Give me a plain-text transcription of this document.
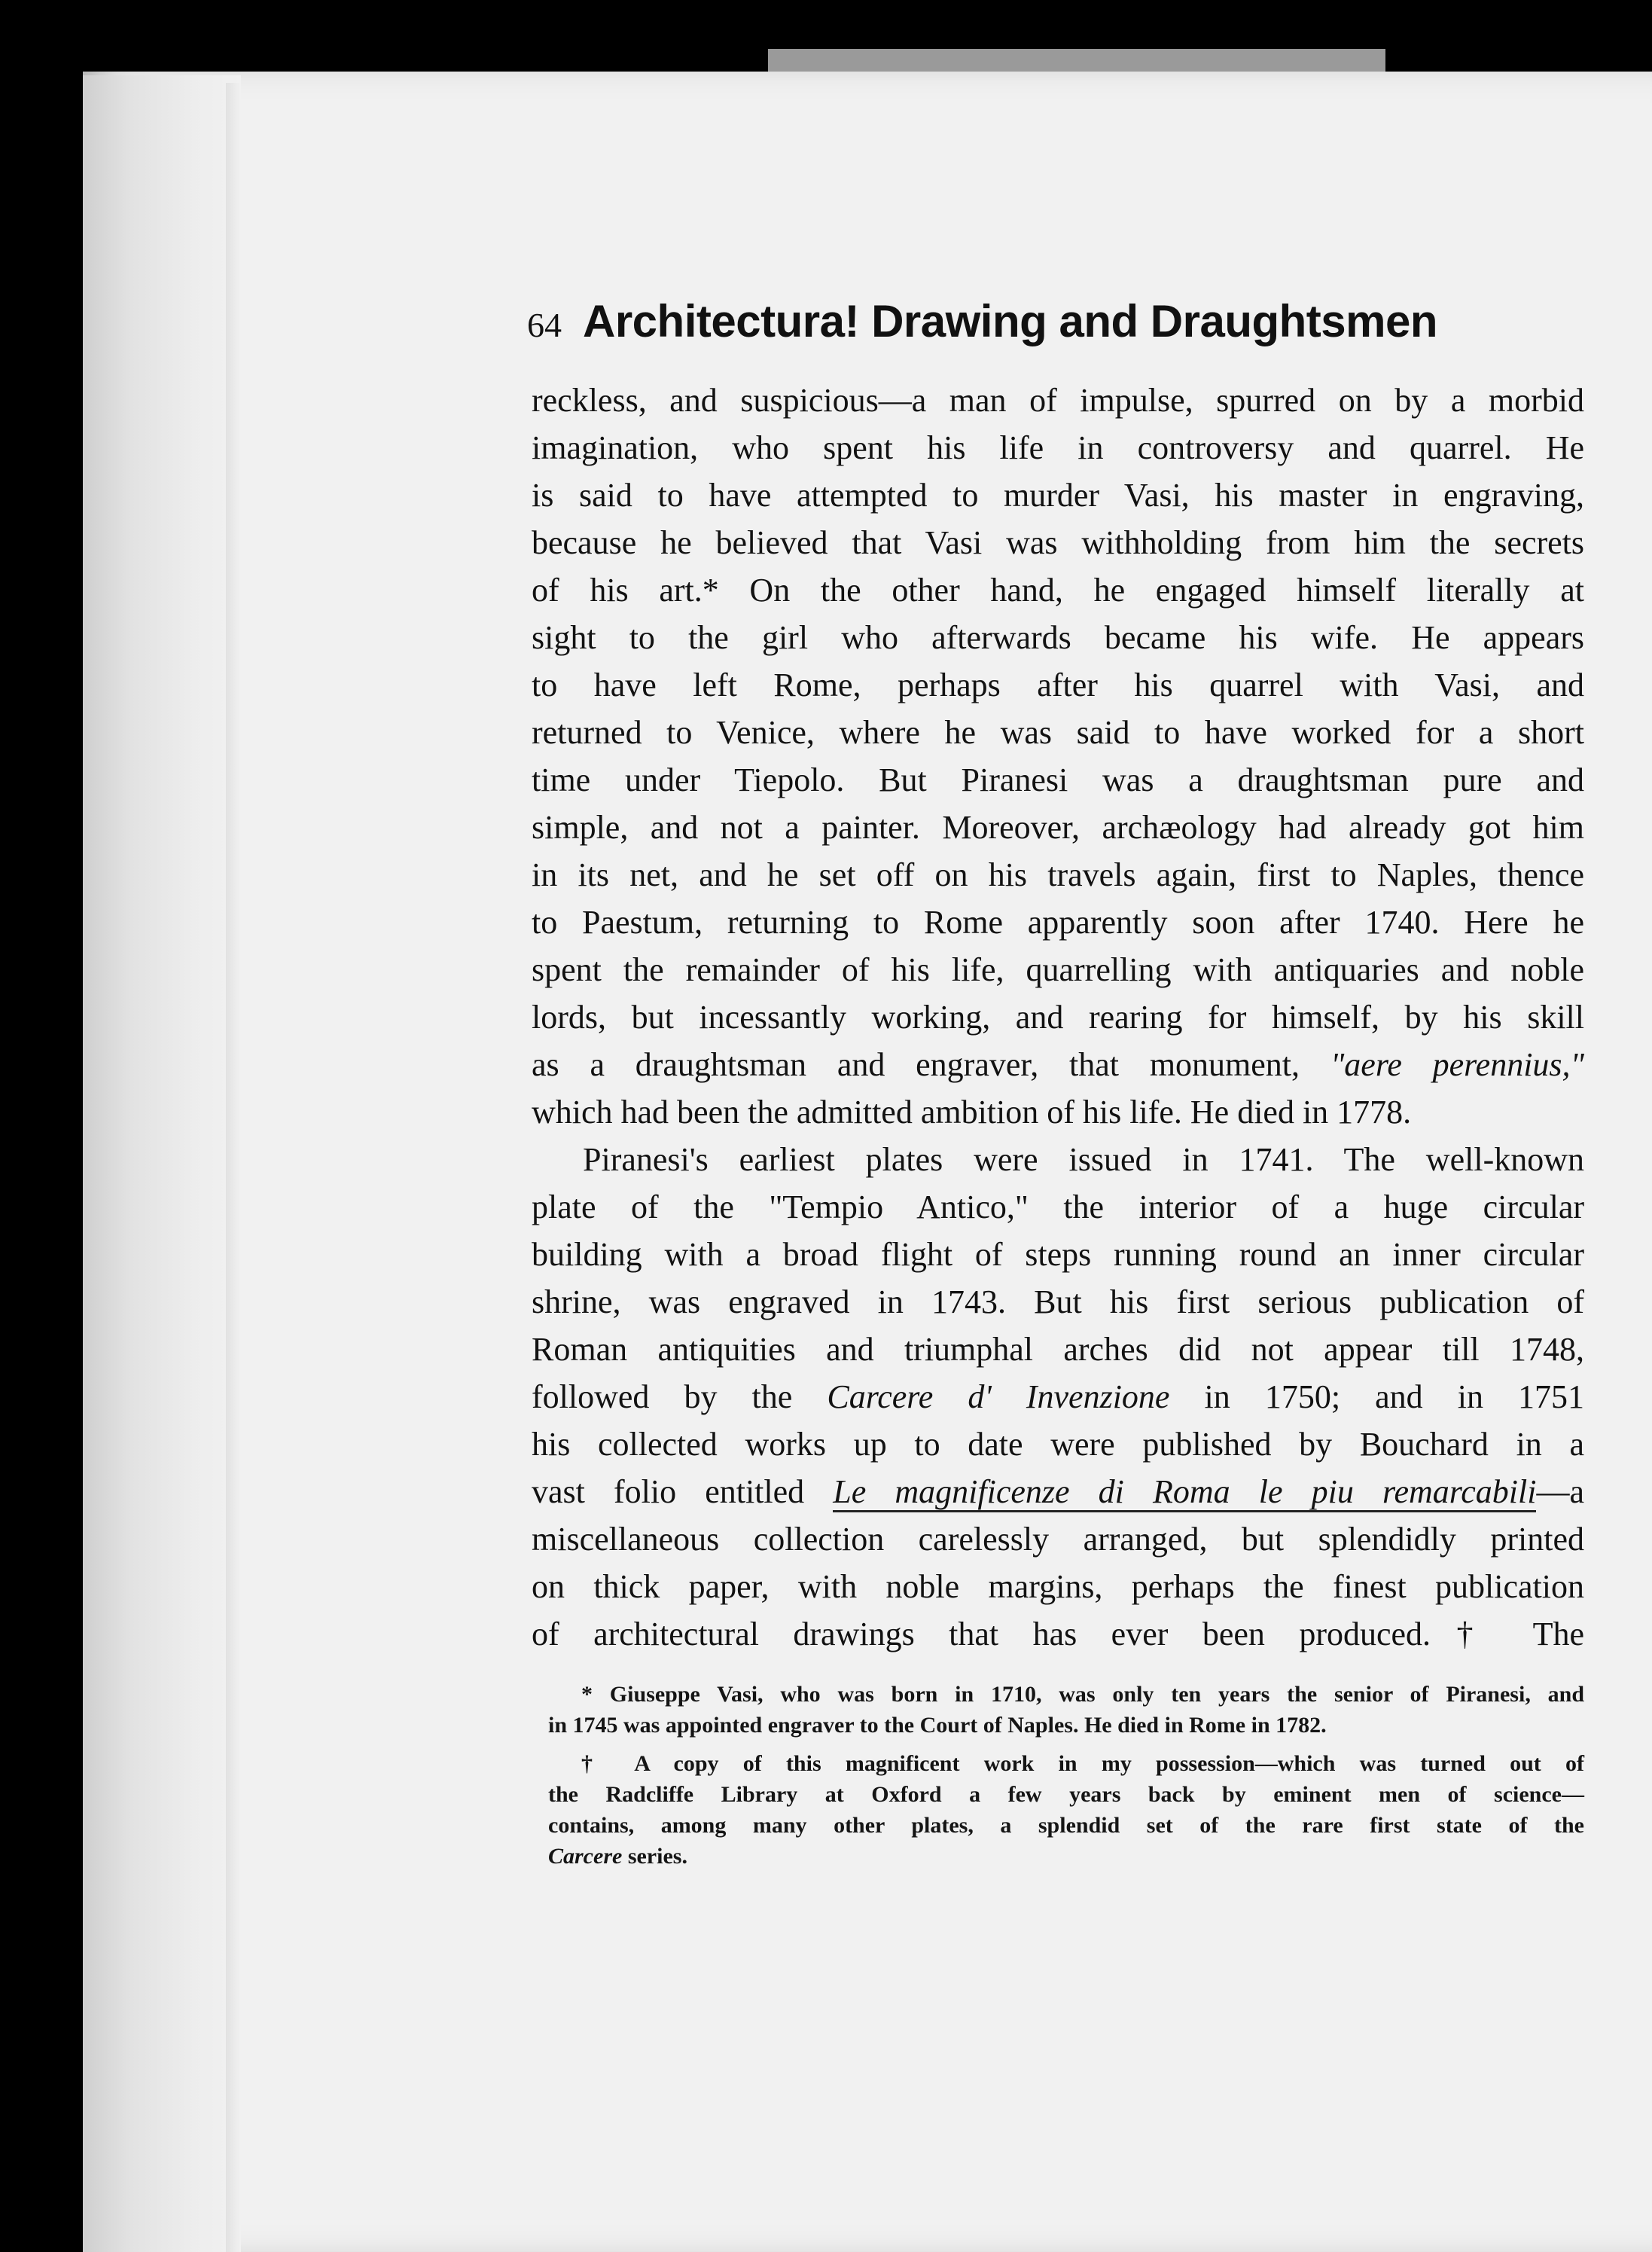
64 Architectura! Drawing and Draughtsmen
reckless, and suspicious—a man of impulse, spurred on by a morbid
imagination, who spent his life in controversy and quarrel. He
is said to have attempted to murder Vasi, his master in engraving,
because he believed that Vasi was withholding from him the secrets
of his art.* On the other hand, he engaged himself literally at
sight to the girl who afterwards became his wife. He appears
to have left Rome, perhaps after his quarrel with Vasi, and
returned to Venice, where he was said to have worked for a short
time under Tiepolo. But Piranesi was a draughtsman pure and
simple, and not a painter. Moreover, archæology had already got him
in its net, and he set off on his travels again, first to Naples, thence
to Paestum, returning to Rome apparently soon after 1740. Here he
spent the remainder of his life, quarrelling with antiquaries and noble
lords, but incessantly working, and rearing for himself, by his skill
as a draughtsman and engraver, that monument, "aere perennius,"
which had been the admitted ambition of his life. He died in 1778.
Piranesi's earliest plates were issued in 1741. The well-known
plate of the "Tempio Antico," the interior of a huge circular
building with a broad flight of steps running round an inner circular
shrine, was engraved in 1743. But his first serious publication of
Roman antiquities and triumphal arches did not appear till 1748,
followed by the Carcere d' Invenzione in 1750; and in 1751
his collected works up to date were published by Bouchard in a
vast folio entitled Le magnificenze di Roma le piu remarcabili—a
miscellaneous collection carelessly arranged, but splendidly printed
on thick paper, with noble margins, perhaps the finest publication
of architectural drawings that has ever been produced.† The
* Giuseppe Vasi, who was born in 1710, was only ten years the senior of Piranesi, and
in 1745 was appointed engraver to the Court of Naples. He died in Rome in 1782.
† A copy of this magnificent work in my possession—which was turned out of
the Radcliffe Library at Oxford a few years back by eminent men of science—
contains, among many other plates, a splendid set of the rare first state of the
Carcere series.
